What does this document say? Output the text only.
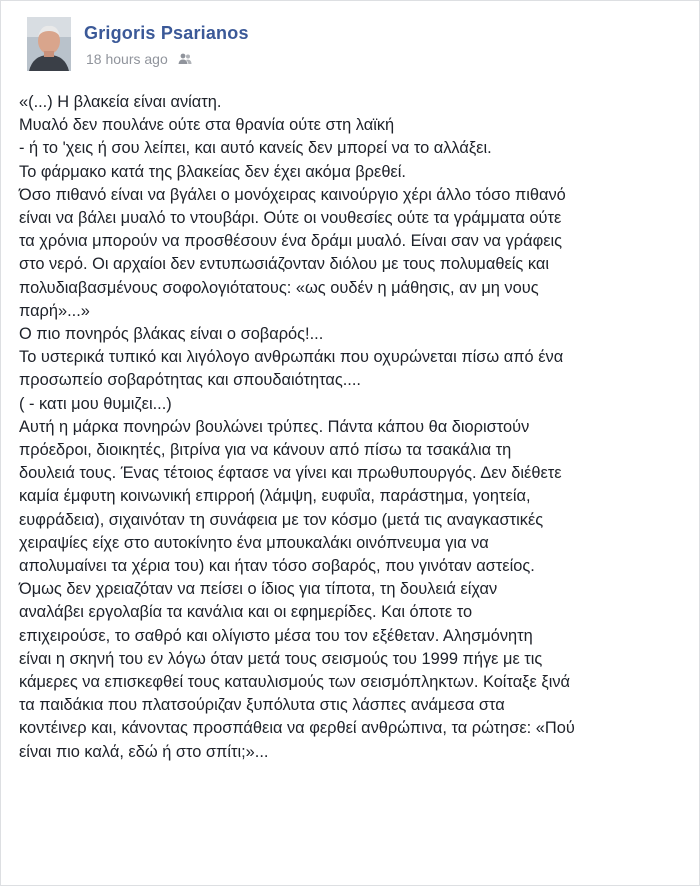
Grigoris Psarianos
18 hours ago
«(...) Η βλακεία είναι ανίατη.
Μυαλό δεν πουλάνε ούτε στα θρανία ούτε στη λαϊκή
- ή το 'χεις ή σου λείπει, και αυτό κανείς δεν μπορεί να το αλλάξει.
Το φάρμακο κατά της βλακείας δεν έχει ακόμα βρεθεί.
Όσο πιθανό είναι να βγάλει ο μονόχειρας καινούργιο χέρι άλλο τόσο πιθανό
είναι να βάλει μυαλό το ντουβάρι. Ούτε οι νουθεσίες ούτε τα γράμματα ούτε
τα χρόνια μπορούν να προσθέσουν ένα δράμι μυαλό. Είναι σαν να γράφεις
στο νερό. Οι αρχαίοι δεν εντυπωσιάζονταν διόλου με τους πολυμαθείς και
πολυδιαβασμένους σοφολογιότατους: «ως ουδέν η μάθησις, αν μη νους
παρή»...»
Ο πιο πονηρός βλάκας είναι ο σοβαρός!...
Το υστερικά τυπικό και λιγόλογο ανθρωπάκι που οχυρώνεται πίσω από ένα
προσωπείο σοβαρότητας και σπουδαιότητας....
( - κατι μου θυμιζει...)
Αυτή η μάρκα πονηρών βουλώνει τρύπες. Πάντα κάπου θα διοριστούν
πρόεδροι, διοικητές, βιτρίνα για να κάνουν από πίσω τα τσακάλια τη
δουλειά τους. Ένας τέτοιος έφτασε να γίνει και πρωθυπουργός. Δεν διέθετε
καμία έμφυτη κοινωνική επιρροή (λάμψη, ευφυΐα, παράστημα, γοητεία,
ευφράδεια), σιχαινόταν τη συνάφεια με τον κόσμο (μετά τις αναγκαστικές
χειραψίες είχε στο αυτοκίνητο ένα μπουκαλάκι οινόπνευμα για να
απολυμαίνει τα χέρια του) και ήταν τόσο σοβαρός, που γινόταν αστείος.
Όμως δεν χρειαζόταν να πείσει ο ίδιος για τίποτα, τη δουλειά είχαν
αναλάβει εργολαβία τα κανάλια και οι εφημερίδες. Και όποτε το
επιχειρούσε, το σαθρό και ολίγιστο μέσα του τον εξέθεταν. Αλησμόνητη
είναι η σκηνή του εν λόγω όταν μετά τους σεισμούς του 1999 πήγε με τις
κάμερες να επισκεφθεί τους καταυλισμούς των σεισμόπληκτων. Κοίταξε ξινά
τα παιδάκια που πλατσούριζαν ξυπόλυτα στις λάσπες ανάμεσα στα
κοντέινερ και, κάνοντας προσπάθεια να φερθεί ανθρώπινα, τα ρώτησε: «Πού
είναι πιο καλά, εδώ ή στο σπίτι;»...
